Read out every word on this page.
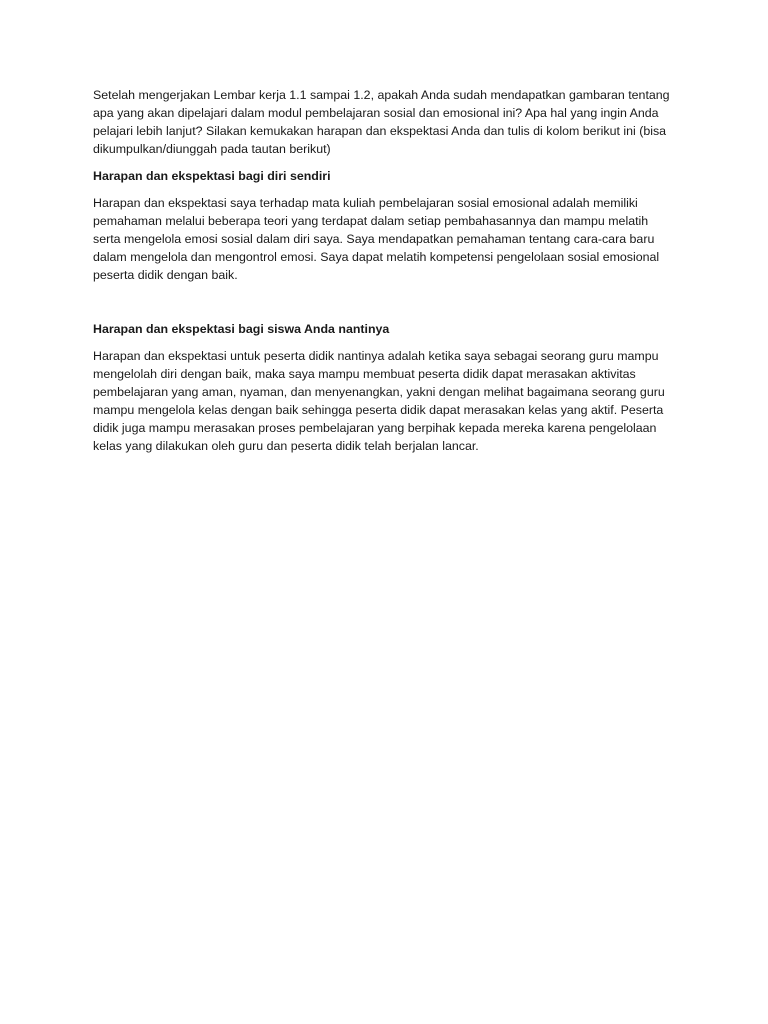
Setelah mengerjakan Lembar kerja 1.1 sampai 1.2, apakah Anda sudah mendapatkan gambaran tentang apa yang akan dipelajari dalam modul pembelajaran sosial dan emosional ini? Apa hal yang ingin Anda pelajari lebih lanjut? Silakan kemukakan harapan dan ekspektasi Anda dan tulis di kolom berikut ini (bisa dikumpulkan/diunggah pada tautan berikut)

Harapan dan ekspektasi bagi diri sendiri

Harapan dan ekspektasi saya terhadap mata kuliah pembelajaran sosial emosional adalah memiliki pemahaman melalui beberapa teori yang terdapat dalam setiap pembahasannya dan mampu melatih serta mengelola emosi sosial dalam diri saya. Saya mendapatkan pemahaman tentang cara-cara baru dalam mengelola dan mengontrol emosi. Saya dapat melatih kompetensi pengelolaan sosial emosional peserta didik dengan baik.

Harapan dan ekspektasi bagi siswa Anda nantinya

Harapan dan ekspektasi untuk peserta didik nantinya adalah ketika saya sebagai seorang guru mampu mengelolah diri dengan baik, maka saya mampu membuat peserta didik dapat merasakan aktivitas pembelajaran yang aman, nyaman, dan menyenangkan, yakni dengan melihat bagaimana seorang guru mampu mengelola kelas dengan baik sehingga peserta didik dapat merasakan kelas yang aktif. Peserta didik juga mampu merasakan proses pembelajaran yang berpihak kepada mereka karena pengelolaan kelas yang dilakukan oleh guru dan peserta didik telah berjalan lancar.
